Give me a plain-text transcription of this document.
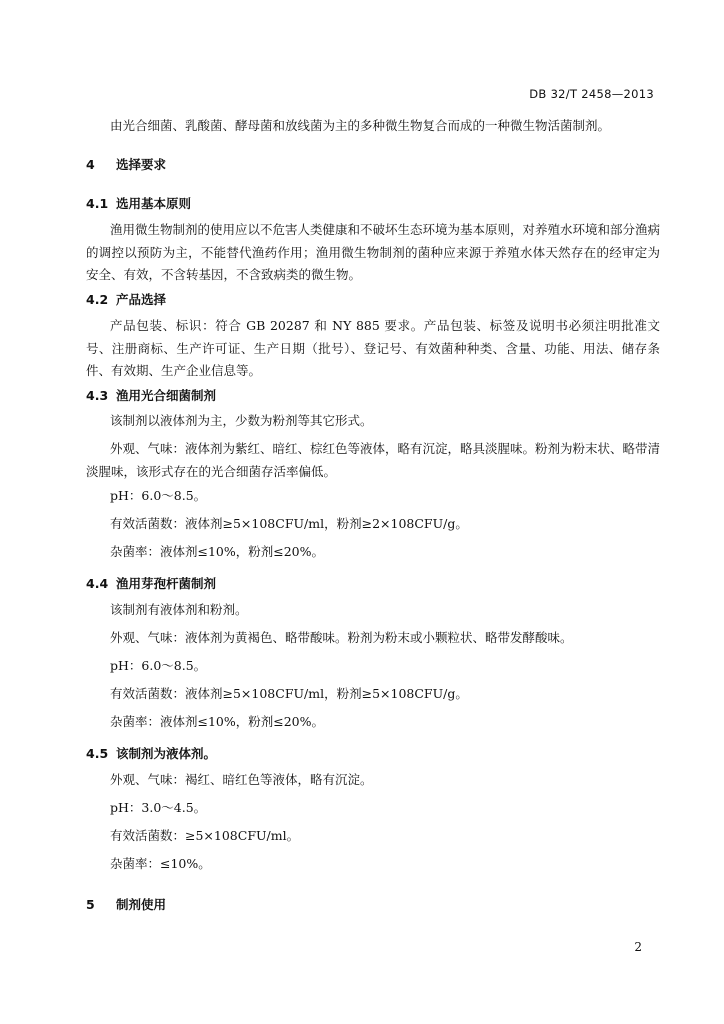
DB 32/T 2458—2013

由光合细菌、乳酸菌、酵母菌和放线菌为主的多种微生物复合而成的一种微生物活菌制剂。

4 选择要求
4.1 选用基本原则

渔用微生物制剂的使用应以不危害人类健康和不破坏生态环境为基本原则，对养殖水环境和部分渔病的调控以预防为主，不能替代渔药作用；渔用微生物制剂的菌种应来源于养殖水体天然存在的经审定为安全、有效，不含转基因，不含致病类的微生物。

4.2 产品选择

产品包装、标识：符合 GB 20287 和 NY 885 要求。产品包装、标签及说明书必须注明批准文号、注册商标、生产许可证、生产日期（批号）、登记号、有效菌种种类、含量、功能、用法、储存条件、有效期、生产企业信息等。

4.3 渔用光合细菌制剂

该制剂以液体剂为主，少数为粉剂等其它形式。

外观、气味：液体剂为紫红、暗红、棕红色等液体，略有沉淀，略具淡腥味。粉剂为粉末状、略带清淡腥味，该形式存在的光合细菌存活率偏低。

pH：6.0～8.5。

有效活菌数：液体剂≥5×108CFU/ml，粉剂≥2×108CFU/g。

杂菌率：液体剂≤10%，粉剂≤20%。

4.4 渔用芽孢杆菌制剂

该制剂有液体剂和粉剂。

外观、气味：液体剂为黄褐色、略带酸味。粉剂为粉末或小颗粒状、略带发酵酸味。

pH：6.0～8.5。

有效活菌数：液体剂≥5×108CFU/ml，粉剂≥5×108CFU/g。

杂菌率：液体剂≤10%，粉剂≤20%。

4.5 该制剂为液体剂。

外观、气味：褐红、暗红色等液体，略有沉淀。

pH：3.0～4.5。

有效活菌数：≥5×108CFU/ml。

杂菌率：≤10%。

5 制剂使用
2
